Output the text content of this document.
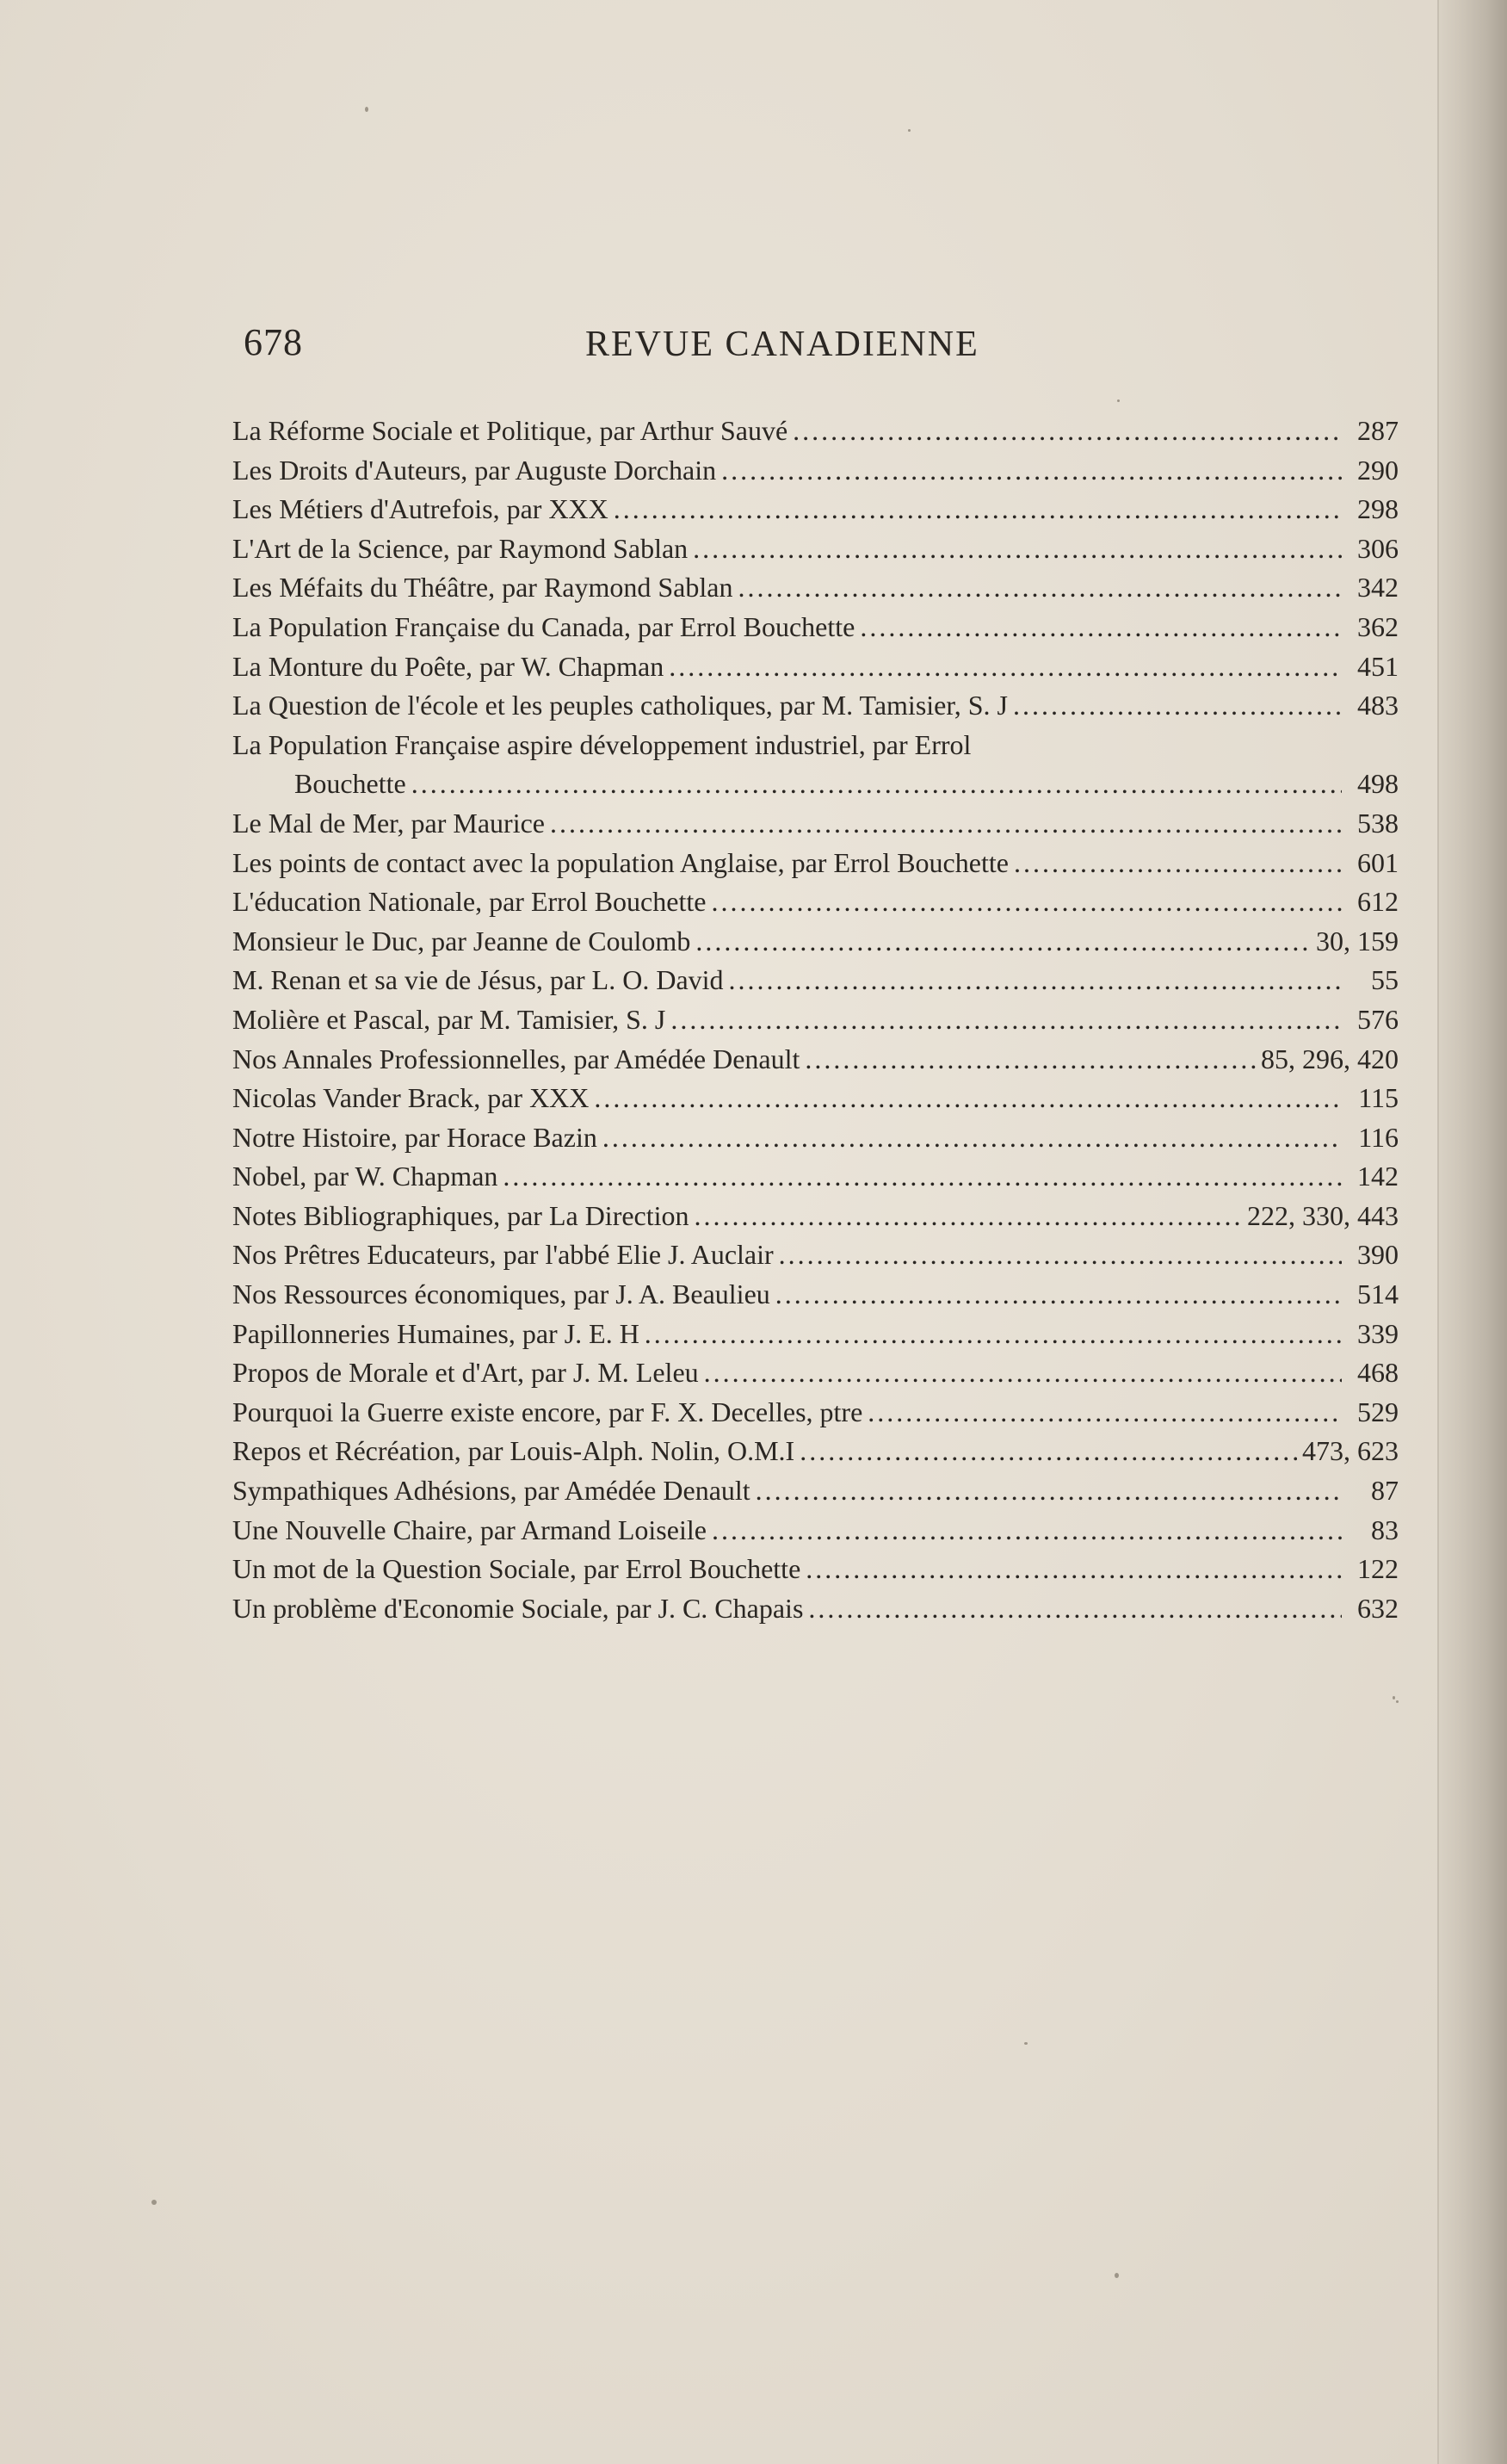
678	REVUE CANADIENNE
La Réforme Sociale et Politique, par Arthur Sauvé .....	287
Les Droits d'Auteurs, par Auguste Dorchain .....	290
Les Métiers d'Autrefois, par XXX .....	298
L'Art de la Science, par Raymond Sablan .....	306
Les Méfaits du Théâtre, par Raymond Sablan .....	342
La Population Française du Canada, par Errol Bouchette .....	362
La Monture du Poête, par W. Chapman .....	451
La Question de l'école et les peuples catholiques, par M. Tamisier, S. J .....	483
La Population Française aspire développement industriel, par Errol
Bouchette .....	498
Le Mal de Mer, par Maurice .....	538
Les points de contact avec la population Anglaise, par Errol Bouchette .....	601
L'éducation Nationale, par Errol Bouchette .....	612
Monsieur le Duc, par Jeanne de Coulomb .....	30, 159
M. Renan et sa vie de Jésus, par L. O. David .....	55
Molière et Pascal, par M. Tamisier, S. J .....	576
Nos Annales Professionnelles, par Amédée Denault .....	85, 296, 420
Nicolas Vander Brack, par XXX .....	115
Notre Histoire, par Horace Bazin .....	116
Nobel, par W. Chapman .....	142
Notes Bibliographiques, par La Direction .....	222, 330, 443
Nos Prêtres Educateurs, par l'abbé Elie J. Auclair .....	390
Nos Ressources économiques, par J. A. Beaulieu .....	514
Papillonneries Humaines, par J. E. H .....	339
Propos de Morale et d'Art, par J. M. Leleu .....	468
Pourquoi la Guerre existe encore, par F. X. Decelles, ptre .....	529
Repos et Récréation, par Louis-Alph. Nolin, O.M.I .....	473, 623
Sympathiques Adhésions, par Amédée Denault .....	87
Une Nouvelle Chaire, par Armand Loiseile .....	83
Un mot de la Question Sociale, par Errol Bouchette .....	122
Un problème d'Economie Sociale, par J. C. Chapais .....	632
